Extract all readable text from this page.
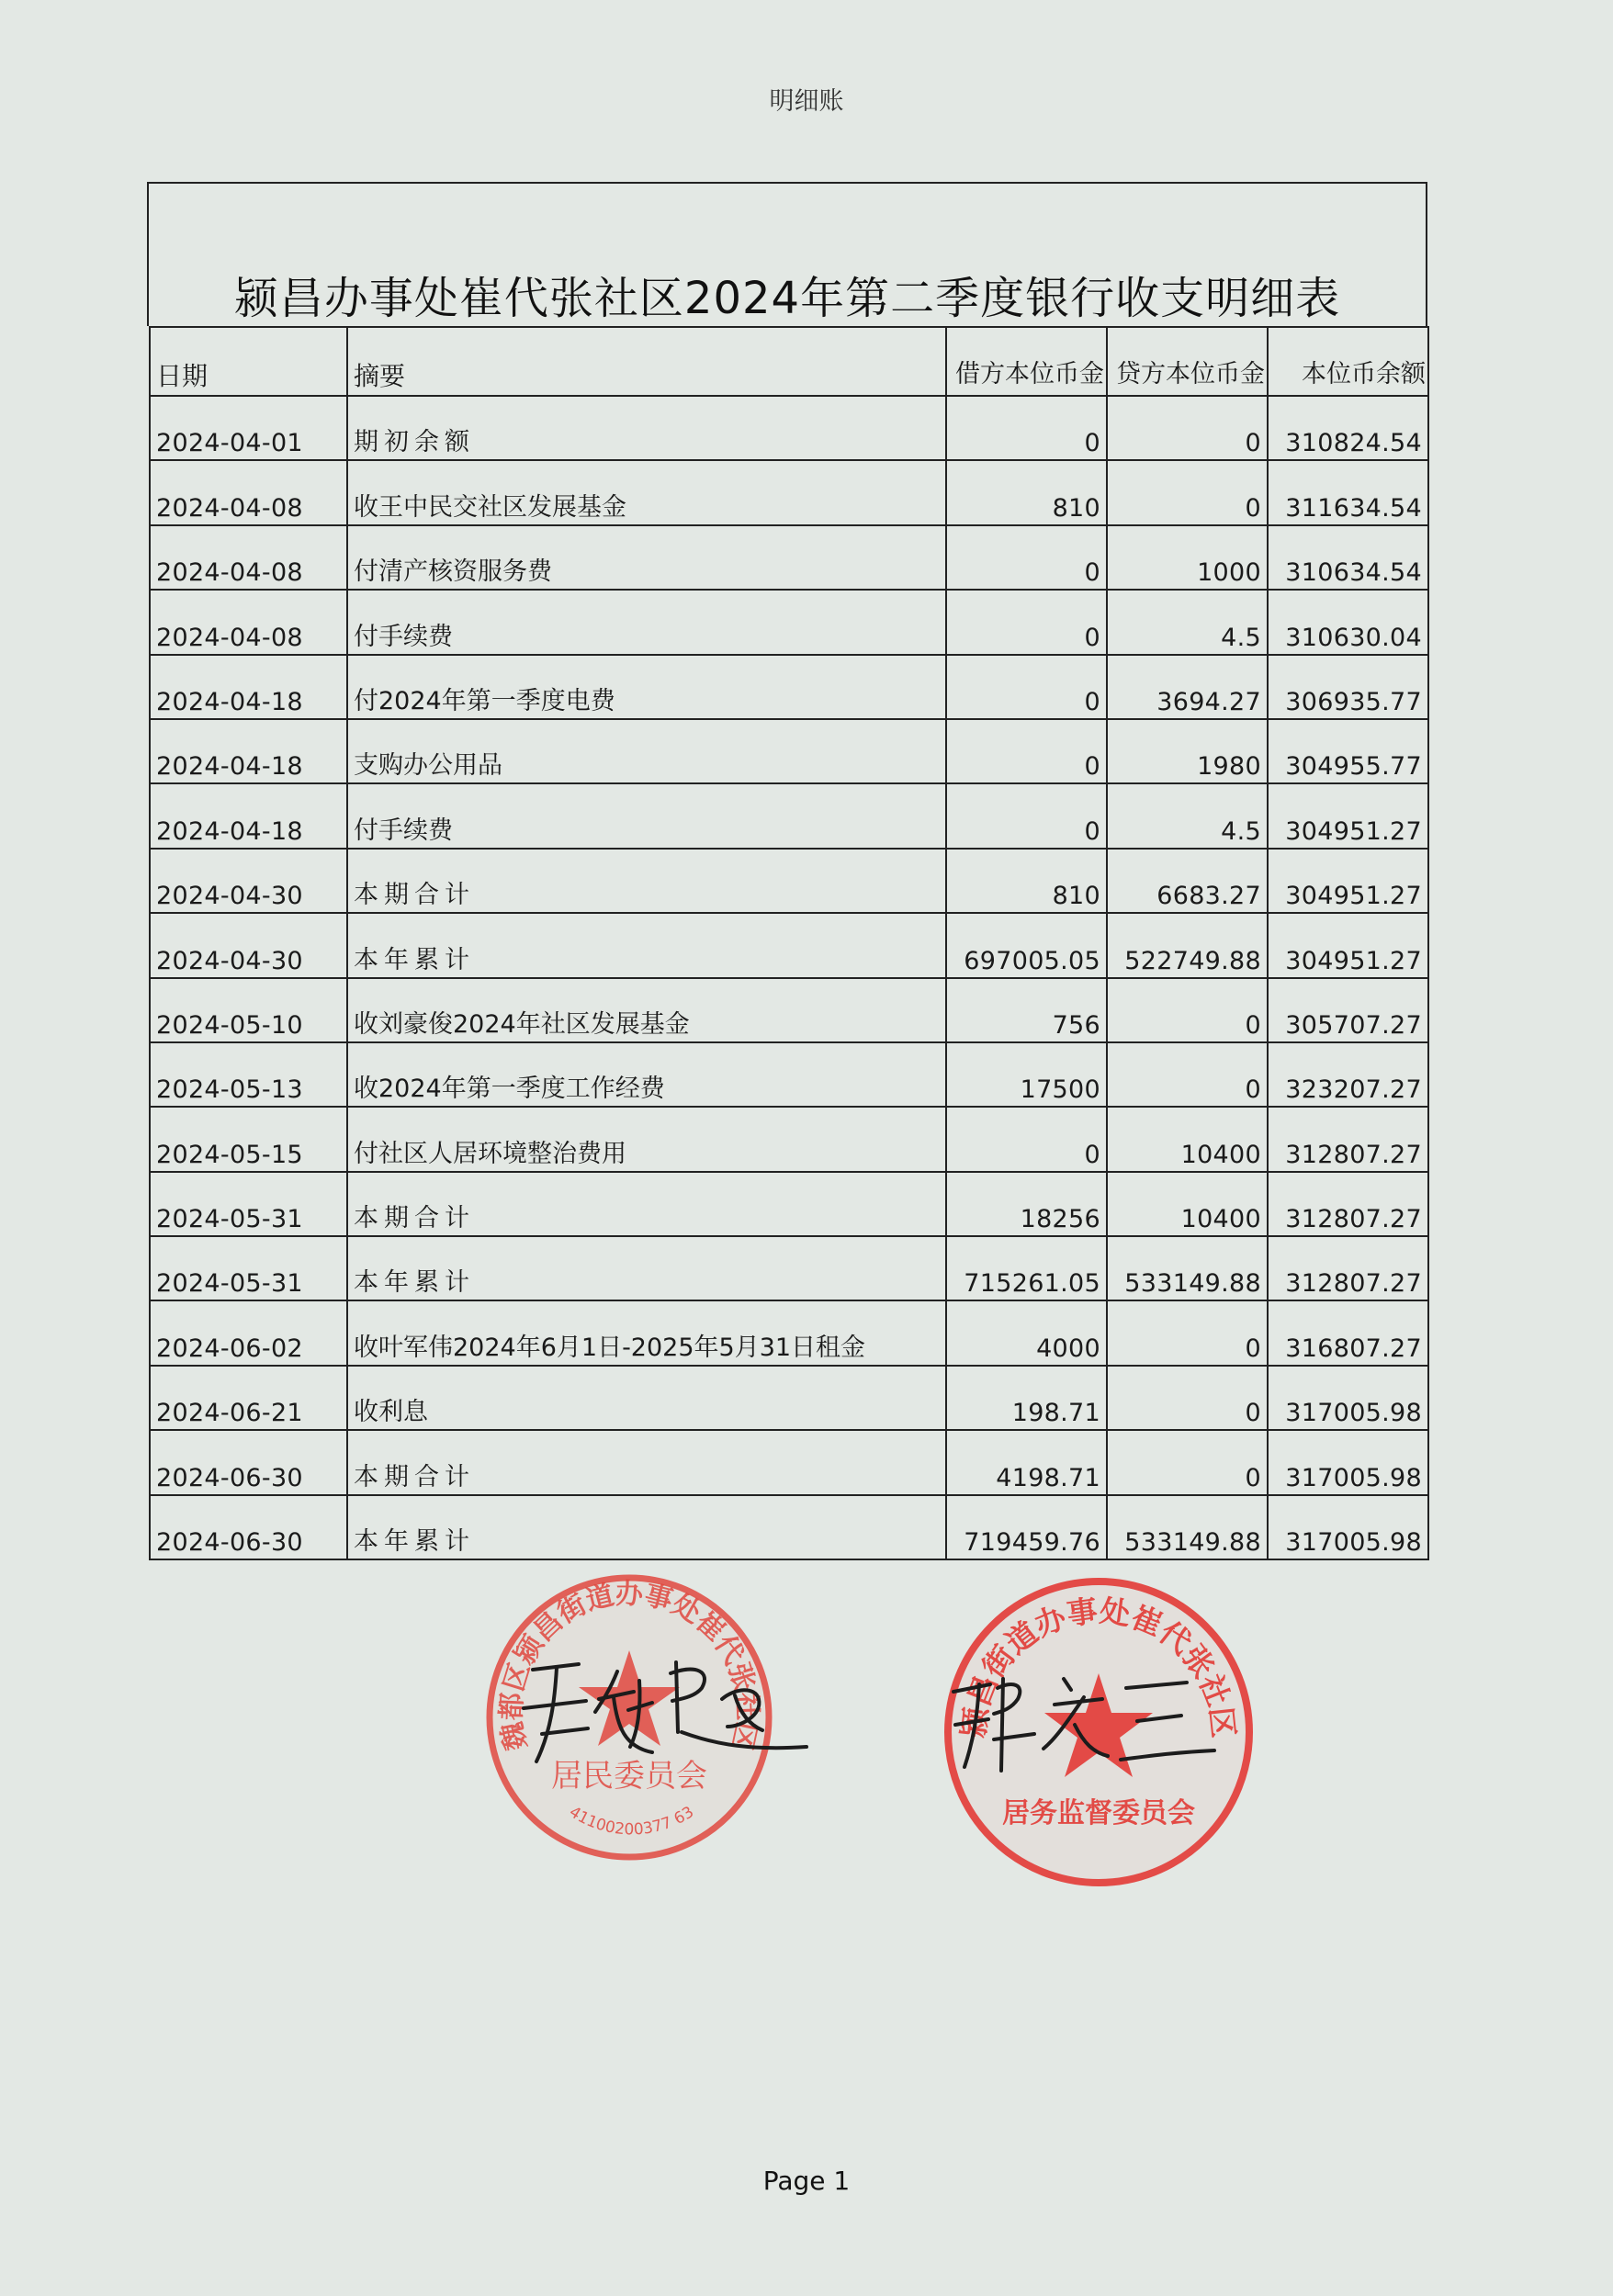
明细账
颍昌办事处崔代张社区2024年第二季度银行收支明细表
日期	摘要	借方本位币金	贷方本位币金	本位币余额
2024-04-01	期初余额	0	0	310824.54
2024-04-08	收王中民交社区发展基金	810	0	311634.54
2024-04-08	付清产核资服务费	0	1000	310634.54
2024-04-08	付手续费	0	4.5	310630.04
2024-04-18	付2024年第一季度电费	0	3694.27	306935.77
2024-04-18	支购办公用品	0	1980	304955.77
2024-04-18	付手续费	0	4.5	304951.27
2024-04-30	本期合计	810	6683.27	304951.27
2024-04-30	本年累计	697005.05	522749.88	304951.27
2024-05-10	收刘豪俊2024年社区发展基金	756	0	305707.27
2024-05-13	收2024年第一季度工作经费	17500	0	323207.27
2024-05-15	付社区人居环境整治费用	0	10400	312807.27
2024-05-31	本期合计	18256	10400	312807.27
2024-05-31	本年累计	715261.05	533149.88	312807.27
2024-06-02	收叶军伟2024年6月1日-2025年5月31日租金	4000	0	316807.27
2024-06-21	收利息	198.71	0	317005.98
2024-06-30	本期合计	4198.71	0	317005.98
2024-06-30	本年累计	719459.76	533149.88	317005.98
魏都区颍昌街道办事处崔代张社区
居民委员会
41100200377 63
颍昌街道办事处崔代张社区
居务监督委员会
Page 1
